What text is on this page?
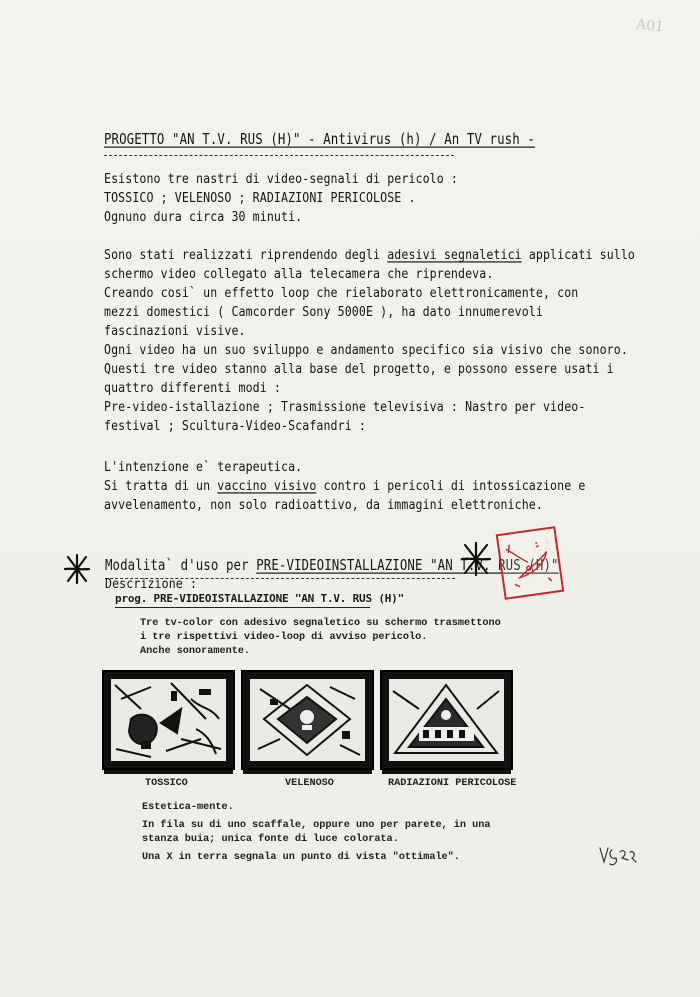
A01
PROGETTO "AN T.V. RUS (H)" - Antivirus (h) / An TV rush -
Esistono tre nastri di video-segnali di pericolo :
TOSSICO ; VELENOSO ; RADIAZIONI PERICOLOSE .
Ognuno dura circa 30 minuti.
Sono stati realizzati riprendendo degli adesivi segnaletici applicati sullo
schermo video collegato alla telecamera che riprendeva.
Creando cosi` un effetto loop che rielaborato elettronicamente, con
mezzi domestici ( Camcorder Sony 5000E ), ha dato innumerevoli
fascinazioni visive.
Ogni video ha un suo sviluppo e andamento specifico sia visivo che sonoro.
Questi tre video stanno alla base del progetto, e possono essere usati i
quattro differenti modi :
Pre-video-istallazione ; Trasmissione televisiva : Nastro per video-
festival ; Scultura-Video-Scafandri :
L'intenzione e` terapeutica.
Si tratta di un vaccino visivo contro i pericoli di intossicazione e
avvelenamento, non solo radioattivo, da immagini elettroniche.
Modalita` d'uso per PRE-VIDEOINSTALLAZIONE "AN T.V. RUS (H)"
Descrizione :
prog. PRE-VIDEOISTALLAZIONE "AN T.V. RUS (H)"
Tre tv-color con adesivo segnaletico su schermo trasmettono
i tre rispettivi video-loop di avviso pericolo.
Anche sonoramente.
TOSSICO	VELENOSO	RADIAZIONI PERICOLOSE
Estetica-mente.
In fila su di uno scaffale, oppure uno per parete, in una
stanza buia; unica fonte di luce colorata.
Una X in terra segnala un punto di vista "ottimale".
